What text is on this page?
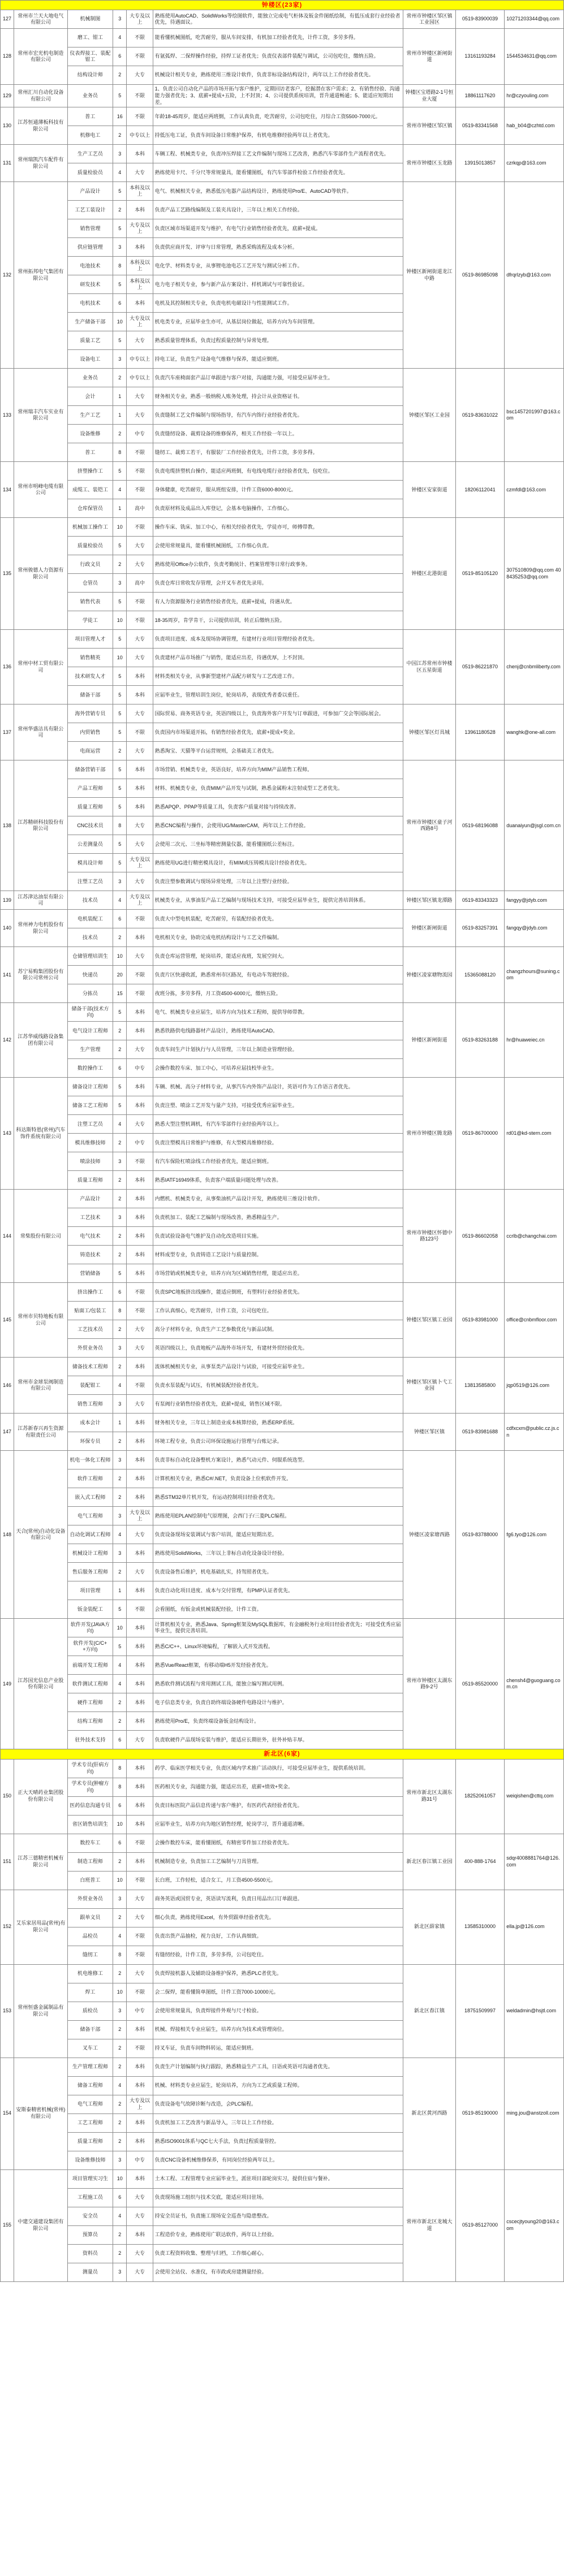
钟楼区(23家)								
127	常州市兰天大地电气有限公司	机械制图	3	大专及以上	熟练使用AutoCAD、SolidWorks等绘图软件，能独立完成电气柜体及钣金件图纸绘制，有低压成套行业经验者优先，待遇面议。	常州市钟楼区邹区镇工业园区	0519-83900039	10271203344@qq.com
128	常州市宏光机电制造有限公司	磨工、钳工	4	不限	能看懂机械图纸，吃苦耐劳，服从车间安排，有机加工经验者优先，计件工资，多劳多得。	常州市钟楼区新闸街道	13161193284	1544534631@qq.com
		仪表焊接工、装配钳工	6	不限	有氩弧焊、二保焊操作经验，持焊工证者优先；负责仪表部件装配与调试，公司包吃住，缴纳五险。			
		结构设计师	2	大专	机械设计相关专业，熟练使用三维设计软件，负责非标设备结构设计，两年以上工作经验者优先。			
129	常州汇川自动化设备有限公司	业务员	5	不限	1、负责公司自动化产品的市场开拓与客户维护，定期回访老客户，挖掘潜在客户需求；2、有销售经验、沟通能力强者优先；3、底薪+提成+五险，上不封顶；4、公司提供系统培训，晋升通道畅通；5、能适应短期出差。	钟楼区宝塔路2-1号恒业大厦	18861117620	hr@czyouling.com
130	江苏恒通薄板科技有限公司	普工	16	不限	年龄18-45周岁，能适应两班倒，工作认真负责，吃苦耐劳，公司包吃住，月综合工资5500-7000元。	常州市钟楼区邹区镇	0519-83341568	hab_b04@czhtd.com
		机修电工	2	中专以上	持低压电工证，负责车间设备日常维护保养，有机电维修经验两年以上者优先。			
131	常州瑞凯汽车配件有限公司	生产工艺员	3	本科	车辆工程、机械类专业，负责冲压焊接工艺文件编制与现场工艺改善，熟悉汽车零部件生产流程者优先。	常州市钟楼区玉龙路	13915013857	czrkqp@163.com
		质量检验员	4	大专	熟练使用卡尺、千分尺等常规量具，能看懂图纸，有汽车零部件检验工作经验者优先。			
132	常州拓邦电气集团有限公司	产品设计	5	本科及以上	电气、机械相关专业，熟悉低压电器产品结构设计，熟练使用Pro/E、AutoCAD等软件。	钟楼区新闸街道龙江中路	0519-86985098	dfrqrlzyb@163.com
		工艺工装设计	2	本科	负责产品工艺路线编制及工装夹具设计，三年以上相关工作经验。			
		销售管理	5	大专及以上	负责区域市场渠道开发与维护，有电气行业销售经验者优先，底薪+提成。			
		供应链管理	3	本科	负责供应商开发、评审与日常管理，熟悉采购流程及成本分析。			
		电池技术	8	本科及以上	电化学、材料类专业，从事锂电池电芯工艺开发与测试分析工作。			
		研发技术	5	本科及以上	电力电子相关专业，参与新产品方案设计、样机调试与可靠性验证。			
		电机技术	6	本科	电机及其控制相关专业，负责电机电磁设计与性能测试工作。			
		生产储备干部	10	大专及以上	机电类专业，应届毕业生亦可，从基层岗位做起，培养方向为车间管理。			
		质量工艺	5	大专	熟悉质量管理体系，负责过程质量控制与异常处理。			
		设备电工	3	中专以上	持电工证，负责生产设备电气维修与保养，能适应倒班。			
133	常州瑞丰汽车实业有限公司	业务员	2	中专以上	负责汽车座椅面套产品订单跟进与客户对接，沟通能力强，可接受应届毕业生。	钟楼区邹区工业园	0519-83631022	bsc1457201997@163.com
		会计	1	大专	财务相关专业，熟悉一般纳税人账务处理，持会计从业资格证书。			
		生产工艺	1	大专	负责缝制工艺文件编制与现场指导，有汽车内饰行业经验者优先。			
		设备维修	2	中专	负责缝纫设备、裁剪设备的维修保养，相关工作经验一年以上。			
		普工	8	不限	缝纫工、裁剪工若干，有服装厂工作经验者优先，计件工资，多劳多得。			
134	常州市明峰电缆有限公司	挤塑操作工	5	不限	负责电缆挤塑机台操作，能适应两班倒，有电线电缆行业经验者优先，包吃住。	钟楼区安家街道	18206112041	czmfdl@163.com
		成缆工、装铠工	4	不限	身体健康，吃苦耐劳，服从班组安排，计件工资6000-8000元。			
		仓库保管员	1	高中	负责原材料及成品出入库登记，会基本电脑操作，工作细心。			
135	常州骏德人力资源有限公司	机械加工操作工	10	不限	操作车床、铣床、加工中心，有相关经验者优先，学徒亦可，师傅带教。	钟楼区北港街道	0519-85105120	307510809@qq.com 408435253@qq.com
		质量检验员	5	大专	会使用常规量具，能看懂机械图纸，工作细心负责。			
		行政文员	2	大专	熟练使用Office办公软件，负责考勤统计、档案管理等日常行政事务。			
		仓管员	3	高中	负责仓库日常收发存管理，会开叉车者优先录用。			
		销售代表	5	不限	有人力资源服务行业销售经验者优先，底薪+提成，待遇从优。			
		学徒工	10	不限	18-35周岁，肯学肯干，公司提供培训，转正后缴纳五险。			
136	常州中材工贸有限公司	项目管理人才	5	大专	负责项目进度、成本及现场协调管理，有建材行业项目管理经验者优先。	中国江苏常州市钟楼区五星街道	0519-86221870	chenj@cnbmliberty.com
		销售精英	10	大专	负责建材产品市场推广与销售，能适应出差，待遇优厚，上不封顶。			
		技术研发人才	5	本科	材料类相关专业，从事新型建材产品配方研发与工艺改进工作。			
		储备干部	5	本科	应届毕业生，管理培训生岗位，轮岗培养，表现优秀者委以重任。			
137	常州华盛洁具有限公司	海外营销专员	5	大专	国际贸易、商务英语专业，英语四级以上，负责海外客户开发与订单跟进，可参加广交会等国际展会。	钟楼区邹区灯具城	13961180528	wanghk@one-all.com
		内贸销售	5	不限	负责国内市场渠道开拓，有销售经验者优先，底薪+提成+奖金。			
		电商运营	2	大专	熟悉淘宝、天猫等平台运营规则，会基础美工者优先。			
138	江苏精研科技股份有限公司	储备营销干部	5	本科	市场营销、机械类专业，英语良好，培养方向为MIM产品销售工程师。	常州市钟楼区童子河西路8号	0519-68196088	duanaiyun@jsgl.com.cn
		产品工程师	5	本科	材料、机械类专业，负责MIM产品开发与试制，熟悉金属粉末注射成型工艺者优先。			
		质量工程师	5	本科	熟悉APQP、PPAP等质量工具，负责客户质量对接与持续改善。			
		CNC技术员	8	大专	熟悉CNC编程与操作，会使用UG/MasterCAM，两年以上工作经验。			
		公差测量员	5	大专	会使用二次元、三坐标等精密测量仪器，能看懂图纸公差标注。			
		模具设计师	5	大专及以上	熟练使用UG进行精密模具设计，有MIM或压铸模具设计经验者优先。			
		注塑工艺员	3	大专	负责注塑参数调试与现场异常处理，三年以上注塑行业经验。			
139	江苏津达油泵有限公司	技术员	4	大专及以上	机械类专业，从事油泵产品工艺编制与现场技术支持，可接受应届毕业生，提供完善培训体系。	钟楼区邹区镇龙潭路	0519-83343323	fangyy@jdyb.com
140	常州神力电机股份有限公司	电机装配工	6	不限	负责大中型电机装配，吃苦耐劳，有装配经验者优先。	钟楼区新闸街道	0519-83257391	fangqy@jdyb.com
		技术员	2	本科	电机相关专业，协助完成电机结构设计与工艺文件编制。			
141	苏宁易购集团股份有限公司常州公司	仓储管理培训生	10	大专	负责仓库运营管理，轮岗培养，能适应夜班，发展空间大。	钟楼区凌家塘物流园	15365088120	changzhours@suning.com
		快递员	20	不限	负责片区快递收派，熟悉常州市区路况，有电动车驾驶经验。			
		分拣员	15	不限	夜班分拣，多劳多得，月工资4500-6000元，缴纳五险。			
142	江苏华威线路设备集团有限公司	储备干部(技术方向)	5	本科	电气、机械类专业应届生，培养方向为技术工程师，提供导师带教。	钟楼区新闸街道	0519-83263188	hr@huaweiec.cn
		电气设计工程师	2	本科	熟悉铁路供电线路器材产品设计，熟练使用AutoCAD。			
		生产管理	2	大专	负责车间生产计划执行与人员管理，三年以上制造业管理经验。			
		数控操作工	6	中专	会操作数控车床、加工中心，可培养应届技校毕业生。			
143	科达斯特恩(常州)汽车饰件系统有限公司	储备设计工程师	5	本科	车辆、机械、高分子材料专业，从事汽车内外饰产品设计，英语可作为工作语言者优先。	常州市钟楼区腾龙路	0519-86700000	rd01@kd-stern.com
		储备工艺工程师	5	本科	负责注塑、喷涂工艺开发与量产支持，可接受优秀应届毕业生。			
		注塑工艺员	4	大专	熟悉大型注塑机调机，有汽车零部件行业经验两年以上。			
		模具维修技师	2	中专	负责注塑模具日常维护与维修，有大型模具维修经验。			
		喷涂技师	3	不限	有汽车保险杠喷涂线工作经验者优先，能适应倒班。			
		质量工程师	2	本科	熟悉IATF16949体系，负责客户端质量问题处理与改善。			
144	常柴股份有限公司	产品设计	2	本科	内燃机、机械类专业，从事柴油机产品设计开发，熟练使用三维设计软件。	常州市钟楼区怀德中路123号	0519-86602058	ccrlb@changchai.com
		工艺技术	3	本科	负责机加工、装配工艺编制与现场改善，熟悉精益生产。			
		电气技术	2	本科	负责试验设备电气维护及自动化改造项目实施。			
		铸造技术	2	本科	材料成型专业，负责铸造工艺设计与质量控制。			
		营销储备	5	本科	市场营销或机械类专业，培养方向为区域销售经理，能适应出差。			
145	常州市贝特地板有限公司	挤出操作工	6	不限	负责SPC地板挤出线操作，能适应倒班，有塑料行业经验者优先。	钟楼区邹区镇工业园	0519-83981000	office@cnbmfloor.com
		贴面工/包装工	8	不限	工作认真细心，吃苦耐劳，计件工资，公司包吃住。			
		工艺技术员	2	大专	高分子材料专业，负责生产工艺参数优化与新品试制。			
		外贸业务员	3	大专	英语四级以上，负责地板产品海外市场开发，有建材外贸经验优先。			
146	常州市金球泵阀制造有限公司	储备技术工程师	2	本科	流体机械相关专业，从事泵类产品设计与试验，可接受应届毕业生。	钟楼区邹区镇卜弋工业园	13813585800	jqp0519@126.com
		装配钳工	4	不限	负责水泵装配与试压，有机械装配经验者优先。			
		销售工程师	3	大专	有泵阀行业销售经验者优先，底薪+提成，销售区域不限。			
147	江苏新春兴再生资源有限责任公司	成本会计	1	本科	财务相关专业，三年以上制造业成本核算经验，熟悉ERP系统。	钟楼区邹区镇	0519-83981688	cdfxcxm@public.cz.js.cn
		环保专员	2	本科	环境工程专业，负责公司环保设施运行管理与台账记录。			
148	天合(常州)自动化设备有限公司	机电一体化工程师	3	本科	负责非标自动化设备整机方案设计，熟悉气动元件、伺服系统选型。	钟楼区凌家塘西路	0519-83788000	fg6.tyo@126.com
		软件工程师	2	本科	计算机相关专业，熟悉C#/.NET，负责设备上位机软件开发。			
		嵌入式工程师	2	本科	熟悉STM32单片机开发，有运动控制项目经验者优先。			
		电气工程师	3	大专及以上	熟练使用EPLAN绘制电气原理图，会西门子/三菱PLC编程。			
		自动化调试工程师	4	大专	负责设备现场安装调试与客户培训，能适应短期出差。			
		机械设计工程师	3	本科	熟练使用SolidWorks，三年以上非标自动化设备设计经验。			
		售后服务工程师	2	大专	负责设备售后维护，机电基础扎实，持驾照者优先。			
		项目管理	1	本科	负责自动化项目进度、成本与交付管理，有PMP认证者优先。			
		钣金装配工	5	不限	会看图纸，有钣金或机械装配经验，计件工资。			
149	江苏国光信息产业股份有限公司	软件开发(JAVA方向)	10	本科	计算机相关专业，熟悉Java、Spring框架及MySQL数据库，有金融税务行业项目经验者优先；可接受优秀应届毕业生，提供完善培训。	常州市钟楼区太湖东路9-2号	0519-85520000	chensh4@guoguang.com.cn
		软件开发(C/C++方向)	5	本科	熟悉C/C++、Linux环境编程，了解嵌入式开发流程。			
		前端开发工程师	4	本科	熟悉Vue/React框架，有移动端H5开发经验者优先。			
		软件测试工程师	4	本科	熟悉软件测试流程与常用测试工具，能独立编写测试用例。			
		硬件工程师	2	本科	电子信息类专业，负责自助终端设备硬件电路设计与维护。			
		结构工程师	2	本科	熟练使用Pro/E，负责终端设备钣金结构设计。			
		驻外技术支持	6	大专	负责软硬件产品现场安装与维护，能适应长期驻外，驻外补贴丰厚。			
新北区(6家)								
150	正大天晴药业集团股份有限公司	学术专员(肝病方向)	8	本科	药学、临床医学相关专业，负责区域内学术推广活动执行，可接受应届毕业生，提供系统培训。	常州市新北区太湖东路31号	18252061057	weiqishen@cttq.com
		学术专员(肿瘤方向)	8	本科	医药相关专业，沟通能力强，能适应出差，底薪+绩效+奖金。			
		医药信息沟通专员	6	本科	负责目标医院产品信息传递与客户维护，有医药代表经验者优先。			
		省区销售培训生	10	本科	应届毕业生，培养方向为地区销售经理，轮岗学习，晋升通道清晰。			
151	江苏三德精密机械有限公司	数控车工	6	不限	会操作数控车床，能看懂图纸，有精密零件加工经验者优先。	新北区春江镇工业园	400-888-1764	sdqr4008881764@126.com
		制造工程师	2	本科	机械制造专业，负责加工工艺编制与刀具管理。			
		白班普工	10	不限	长白班，工作轻松，适合女工，月工资4500-5500元。			
152	艾乐家居用品(常州)有限公司	外贸业务员	3	大专	商务英语或国贸专业，英语读写流利，负责日用品出口订单跟进。	新北区薛家镇	13585310000	ella.jp@126.com
		跟单文员	2	大专	细心负责，熟练使用Excel，有外贸跟单经验者优先。			
		品检员	4	不限	负责出货产品抽检，视力良好，工作认真细致。			
		缝纫工	8	不限	有缝纫经验，计件工资，多劳多得，公司包吃住。			
153	常州恒盛金属制品有限公司	机电维修工	2	大专	负责焊接机器人及辅助设备维护保养，熟悉PLC者优先。	新北区春江镇	18751509997	weldadmin@hsjtl.com
		焊工	10	不限	会二保焊，能看懂简单图纸，计件工资7000-10000元。			
		质检员	3	中专	会使用常规量具，负责焊接件外观与尺寸检验。			
		储备干部	2	本科	机械、焊接相关专业应届生，培养方向为技术或管理岗位。			
		叉车工	2	不限	持叉车证，负责车间物料转运，能适应倒班。			
154	安斯泰精密机械(常州)有限公司	生产管理工程师	2	本科	负责生产计划编制与执行跟踪，熟悉精益生产工具，日语或英语可沟通者优先。	新北区黄河西路	0519-85190000	ming.jou@anstzoll.com
		储备工程师	4	本科	机械、材料类专业应届生，轮岗培养，方向为工艺或质量工程师。			
		电气工程师	2	大专及以上	负责设备电气故障诊断与改造，会PLC编程。			
		工艺工程师	2	本科	负责机加工工艺改善与新品导入，三年以上工作经验。			
		质量工程师	2	本科	熟悉ISO9001体系与QC七大手法，负责过程质量管控。			
		设备维修技师	3	中专	负责CNC设备机械维修保养，有同岗位经验两年以上。			
155	中建交通建设集团有限公司	项目管理实习生	10	本科	土木工程、工程管理专业应届毕业生，派驻项目部轮岗实习，提供住宿与餐补。	常州市新北区龙城大道	0519-85127000	cscecjtyoung20@163.com
		工程施工员	6	大专	负责现场施工组织与技术交底，能适应项目驻场。			
		安全员	4	大专	持安全员证书，负责施工现场安全巡查与隐患整改。			
		预算员	2	本科	工程造价专业，熟练使用广联达软件，两年以上经验。			
		资料员	2	大专	负责工程资料收集、整理与归档，工作细心耐心。			
		测量员	3	大专	会使用全站仪、水准仪，有市政或房建测量经验。			
